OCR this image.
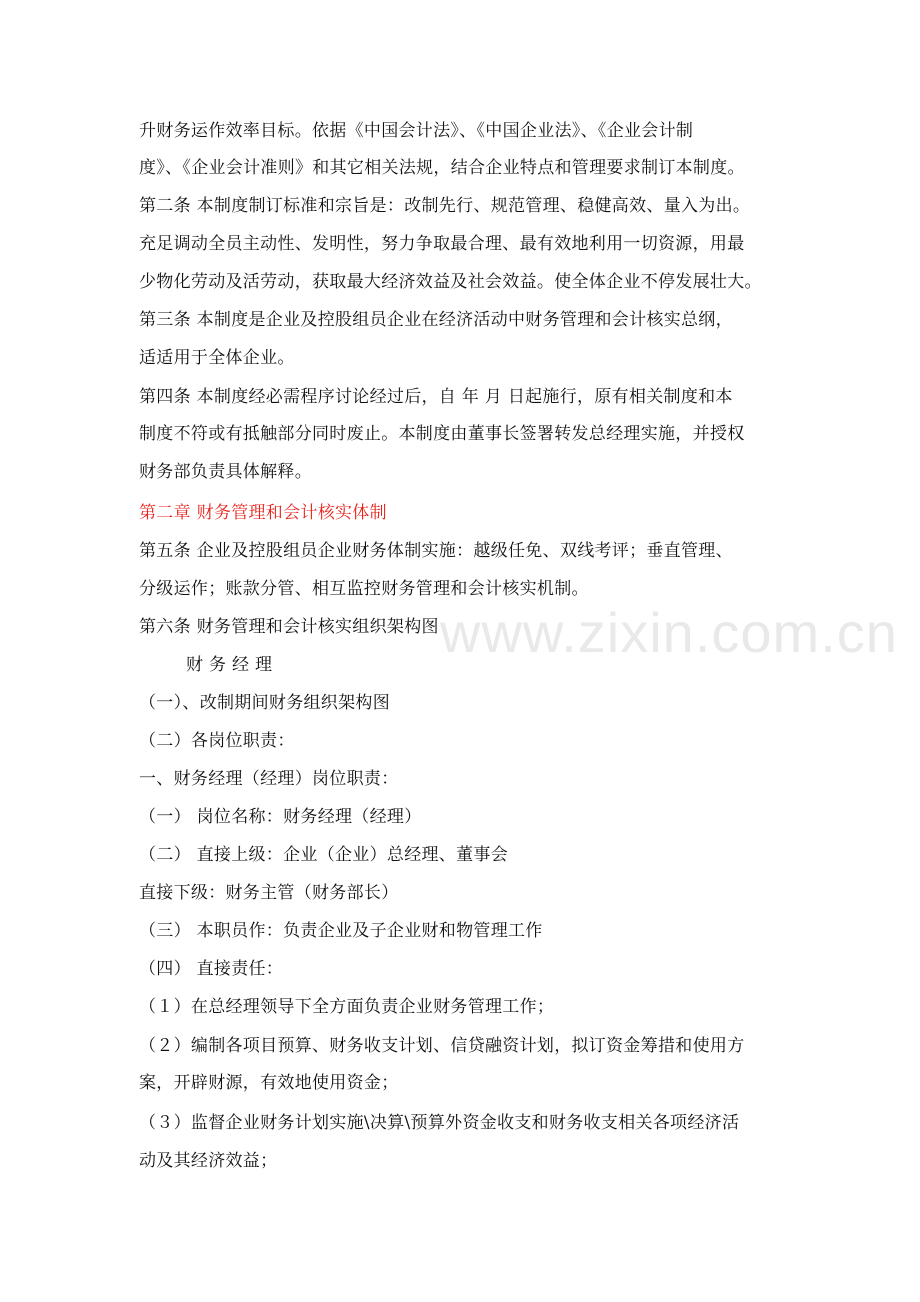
www.zixin.com.cn
升财务运作效率目标。依据《中国会计法》、《中国企业法》、《企业会计制
度》、《企业会计准则》和其它相关法规，结合企业特点和管理要求制订本制度。
第二条 本制度制订标准和宗旨是：改制先行、规范管理、稳健高效、量入为出。
充足调动全员主动性、发明性，努力争取最合理、最有效地利用一切资源，用最
少物化劳动及活劳动，获取最大经济效益及社会效益。使全体企业不停发展壮大。
第三条 本制度是企业及控股组员企业在经济活动中财务管理和会计核实总纲，
适适用于全体企业。
第四条 本制度经必需程序讨论经过后，自 年 月 日起施行，原有相关制度和本
制度不符或有抵触部分同时废止。本制度由董事长签署转发总经理实施，并授权
财务部负责具体解释。
第二章 财务管理和会计核实体制
第五条 企业及控股组员企业财务体制实施：越级任免、双线考评；垂直管理、
分级运作；账款分管、相互监控财务管理和会计核实机制。
第六条 财务管理和会计核实组织架构图
财 务 经 理
（一）、改制期间财务组织架构图
（二）各岗位职责：
一、财务经理（经理）岗位职责：
（一） 岗位名称：财务经理（经理）
（二） 直接上级：企业（企业）总经理、董事会
直接下级：财务主管（财务部长）
（三） 本职员作：负责企业及子企业财和物管理工作
（四） 直接责任：
（１）在总经理领导下全方面负责企业财务管理工作；
（２）编制各项目预算、财务收支计划、信贷融资计划，拟订资金筹措和使用方
案，开辟财源，有效地使用资金；
（３）监督企业财务计划实施\决算\预算外资金收支和财务收支相关各项经济活
动及其经济效益；
